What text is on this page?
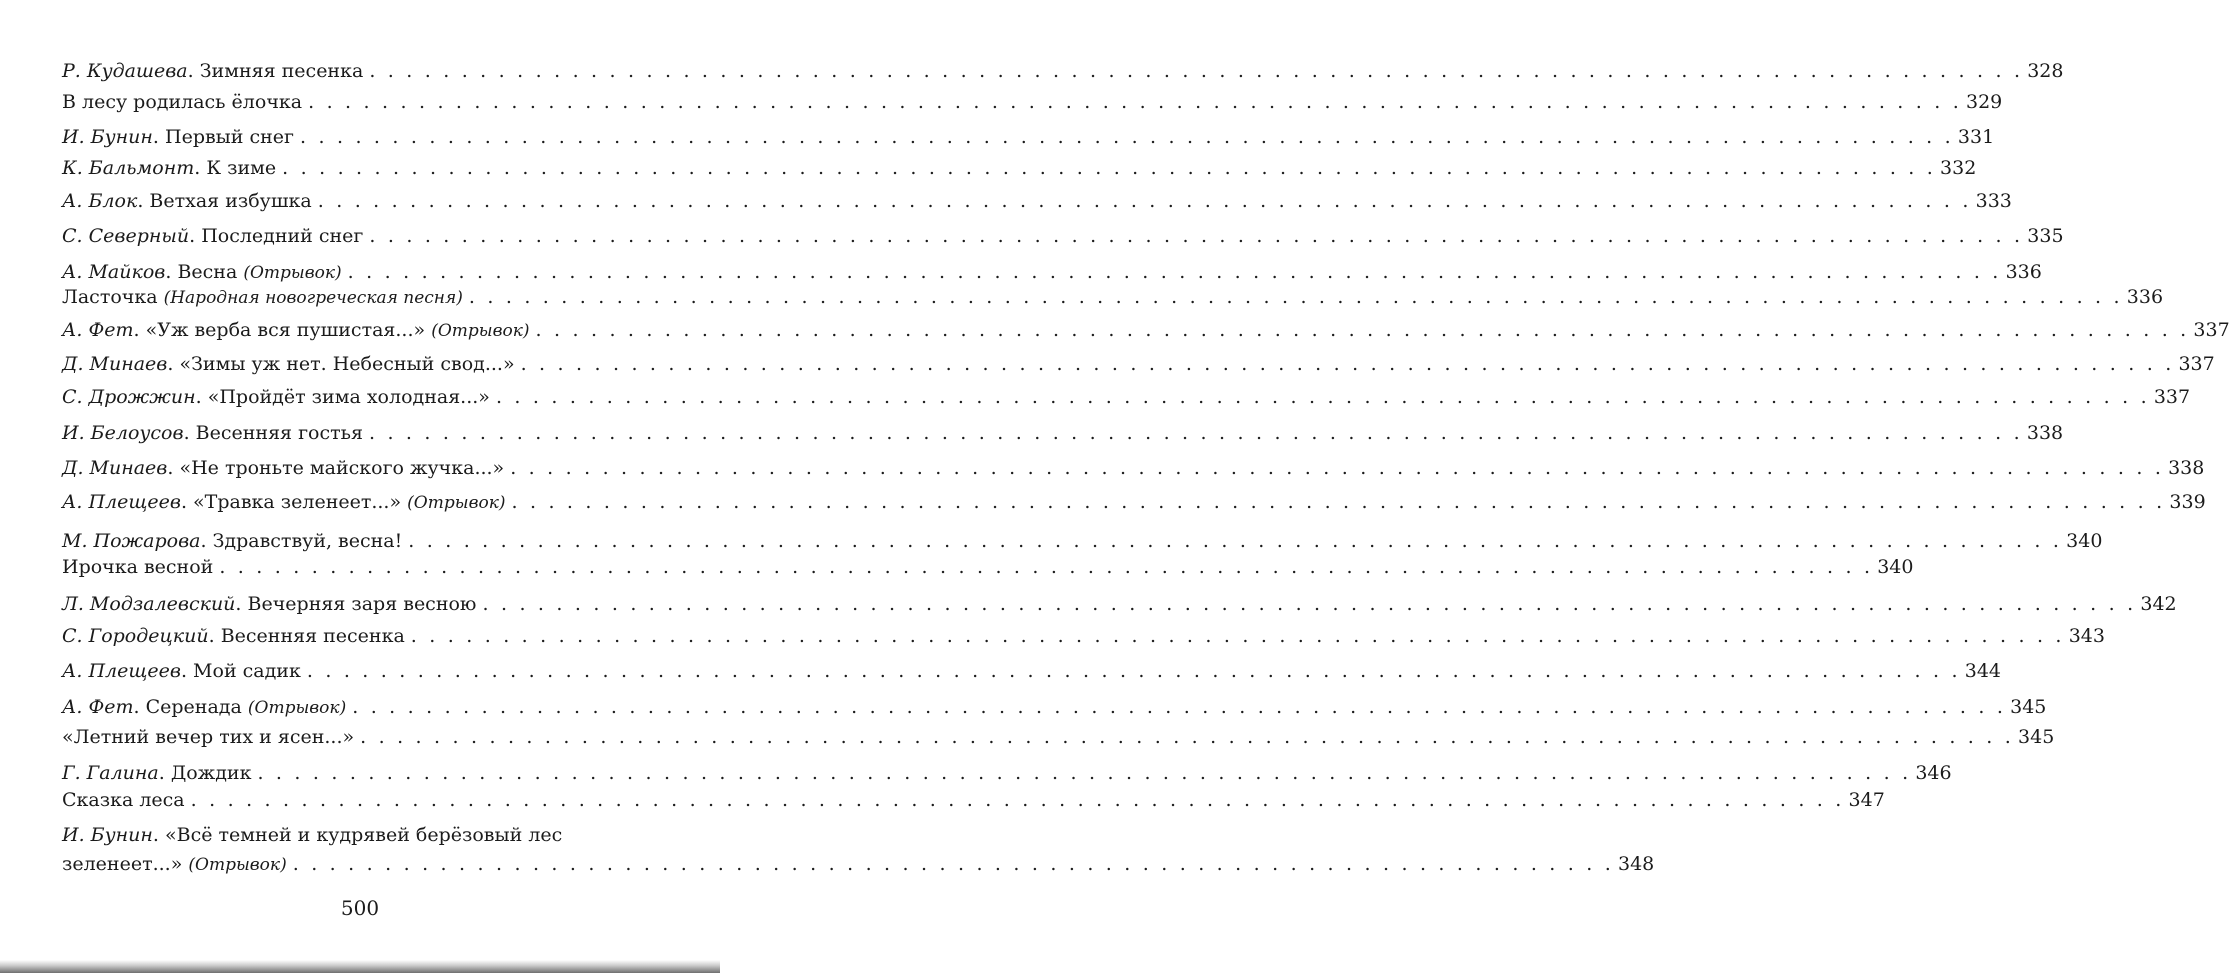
Р. Кудашева. Зимняя песенка . . . . . . . . . . . . . . . . . . . . . . . . . . . . . . . . . . . . . . . . . . . . . . . . . . . . . . . . . . . . . . . . . . . . . . . . . . . . . . . . . . . . . . . . . . 328
В лесу родилась ёлочка . . . . . . . . . . . . . . . . . . . . . . . . . . . . . . . . . . . . . . . . . . . . . . . . . . . . . . . . . . . . . . . . . . . . . . . . . . . . . . . . . . . . . . . . . . 329
И. Бунин. Первый снег . . . . . . . . . . . . . . . . . . . . . . . . . . . . . . . . . . . . . . . . . . . . . . . . . . . . . . . . . . . . . . . . . . . . . . . . . . . . . . . . . . . . . . . . . . 331
К. Бальмонт. К зиме . . . . . . . . . . . . . . . . . . . . . . . . . . . . . . . . . . . . . . . . . . . . . . . . . . . . . . . . . . . . . . . . . . . . . . . . . . . . . . . . . . . . . . . . . . 332
А. Блок. Ветхая избушка . . . . . . . . . . . . . . . . . . . . . . . . . . . . . . . . . . . . . . . . . . . . . . . . . . . . . . . . . . . . . . . . . . . . . . . . . . . . . . . . . . . . . . . . . . 333
С. Северный. Последний снег . . . . . . . . . . . . . . . . . . . . . . . . . . . . . . . . . . . . . . . . . . . . . . . . . . . . . . . . . . . . . . . . . . . . . . . . . . . . . . . . . . . . . . . . . . 335
А. Майков. Весна (Отрывок) . . . . . . . . . . . . . . . . . . . . . . . . . . . . . . . . . . . . . . . . . . . . . . . . . . . . . . . . . . . . . . . . . . . . . . . . . . . . . . . . . . . . . . . . . . 336
Ласточка (Народная новогреческая песня) . . . . . . . . . . . . . . . . . . . . . . . . . . . . . . . . . . . . . . . . . . . . . . . . . . . . . . . . . . . . . . . . . . . . . . . . . . . . . . . . . . . . . . . . . . 336
А. Фет. «Уж верба вся пушистая...» (Отрывок) . . . . . . . . . . . . . . . . . . . . . . . . . . . . . . . . . . . . . . . . . . . . . . . . . . . . . . . . . . . . . . . . . . . . . . . . . . . . . . . . . . . . . . . . . . 337
Д. Минаев. «Зимы уж нет. Небесный свод...» . . . . . . . . . . . . . . . . . . . . . . . . . . . . . . . . . . . . . . . . . . . . . . . . . . . . . . . . . . . . . . . . . . . . . . . . . . . . . . . . . . . . . . . . . . 337
С. Дрожжин. «Пройдёт зима холодная...» . . . . . . . . . . . . . . . . . . . . . . . . . . . . . . . . . . . . . . . . . . . . . . . . . . . . . . . . . . . . . . . . . . . . . . . . . . . . . . . . . . . . . . . . . . 337
И. Белоусов. Весенняя гостья . . . . . . . . . . . . . . . . . . . . . . . . . . . . . . . . . . . . . . . . . . . . . . . . . . . . . . . . . . . . . . . . . . . . . . . . . . . . . . . . . . . . . . . . . . 338
Д. Минаев. «Не троньте майского жучка...» . . . . . . . . . . . . . . . . . . . . . . . . . . . . . . . . . . . . . . . . . . . . . . . . . . . . . . . . . . . . . . . . . . . . . . . . . . . . . . . . . . . . . . . . . . 338
А. Плещеев. «Травка зеленеет...» (Отрывок) . . . . . . . . . . . . . . . . . . . . . . . . . . . . . . . . . . . . . . . . . . . . . . . . . . . . . . . . . . . . . . . . . . . . . . . . . . . . . . . . . . . . . . . . . . 339
М. Пожарова. Здравствуй, весна! . . . . . . . . . . . . . . . . . . . . . . . . . . . . . . . . . . . . . . . . . . . . . . . . . . . . . . . . . . . . . . . . . . . . . . . . . . . . . . . . . . . . . . . . . . 340
Ирочка весной . . . . . . . . . . . . . . . . . . . . . . . . . . . . . . . . . . . . . . . . . . . . . . . . . . . . . . . . . . . . . . . . . . . . . . . . . . . . . . . . . . . . . . . . . . 340
Л. Модзалевский. Вечерняя заря весною . . . . . . . . . . . . . . . . . . . . . . . . . . . . . . . . . . . . . . . . . . . . . . . . . . . . . . . . . . . . . . . . . . . . . . . . . . . . . . . . . . . . . . . . . . 342
С. Городецкий. Весенняя песенка . . . . . . . . . . . . . . . . . . . . . . . . . . . . . . . . . . . . . . . . . . . . . . . . . . . . . . . . . . . . . . . . . . . . . . . . . . . . . . . . . . . . . . . . . . 343
А. Плещеев. Мой садик . . . . . . . . . . . . . . . . . . . . . . . . . . . . . . . . . . . . . . . . . . . . . . . . . . . . . . . . . . . . . . . . . . . . . . . . . . . . . . . . . . . . . . . . . . 344
А. Фет. Серенада (Отрывок) . . . . . . . . . . . . . . . . . . . . . . . . . . . . . . . . . . . . . . . . . . . . . . . . . . . . . . . . . . . . . . . . . . . . . . . . . . . . . . . . . . . . . . . . . . 345
«Летний вечер тих и ясен...» . . . . . . . . . . . . . . . . . . . . . . . . . . . . . . . . . . . . . . . . . . . . . . . . . . . . . . . . . . . . . . . . . . . . . . . . . . . . . . . . . . . . . . . . . . 345
Г. Галина. Дождик . . . . . . . . . . . . . . . . . . . . . . . . . . . . . . . . . . . . . . . . . . . . . . . . . . . . . . . . . . . . . . . . . . . . . . . . . . . . . . . . . . . . . . . . . . 346
Сказка леса . . . . . . . . . . . . . . . . . . . . . . . . . . . . . . . . . . . . . . . . . . . . . . . . . . . . . . . . . . . . . . . . . . . . . . . . . . . . . . . . . . . . . . . . . . 347
И. Бунин. «Всё темней и кудрявей берёзовый лес
зеленеет...» (Отрывок) . . . . . . . . . . . . . . . . . . . . . . . . . . . . . . . . . . . . . . . . . . . . . . . . . . . . . . . . . . . . . . . . . . . . . . . . 348
500
